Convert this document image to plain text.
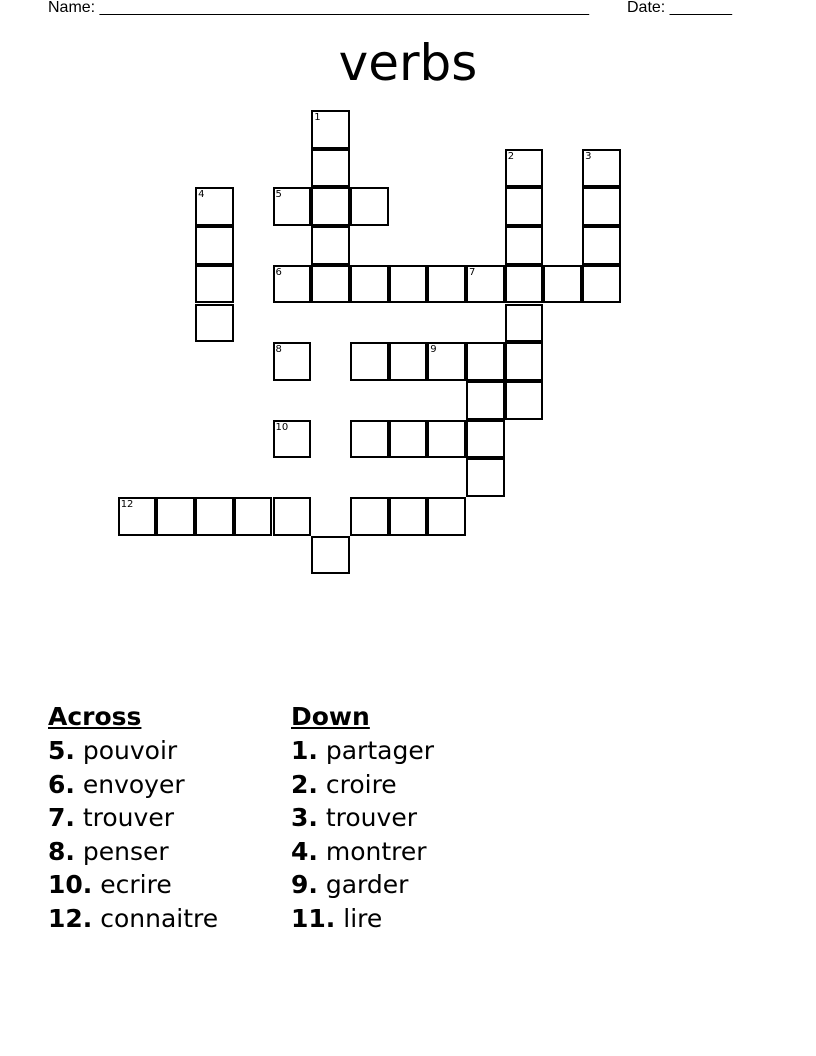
Name: _______________________________________________________ Date: _______
verbs
1
2	3
4	5
6	7
8	9
10
12
Across
5. pouvoir
6. envoyer
7. trouver
8. penser
10. ecrire
12. connaitre
Down
1. partager
2. croire
3. trouver
4. montrer
9. garder
11. lire
